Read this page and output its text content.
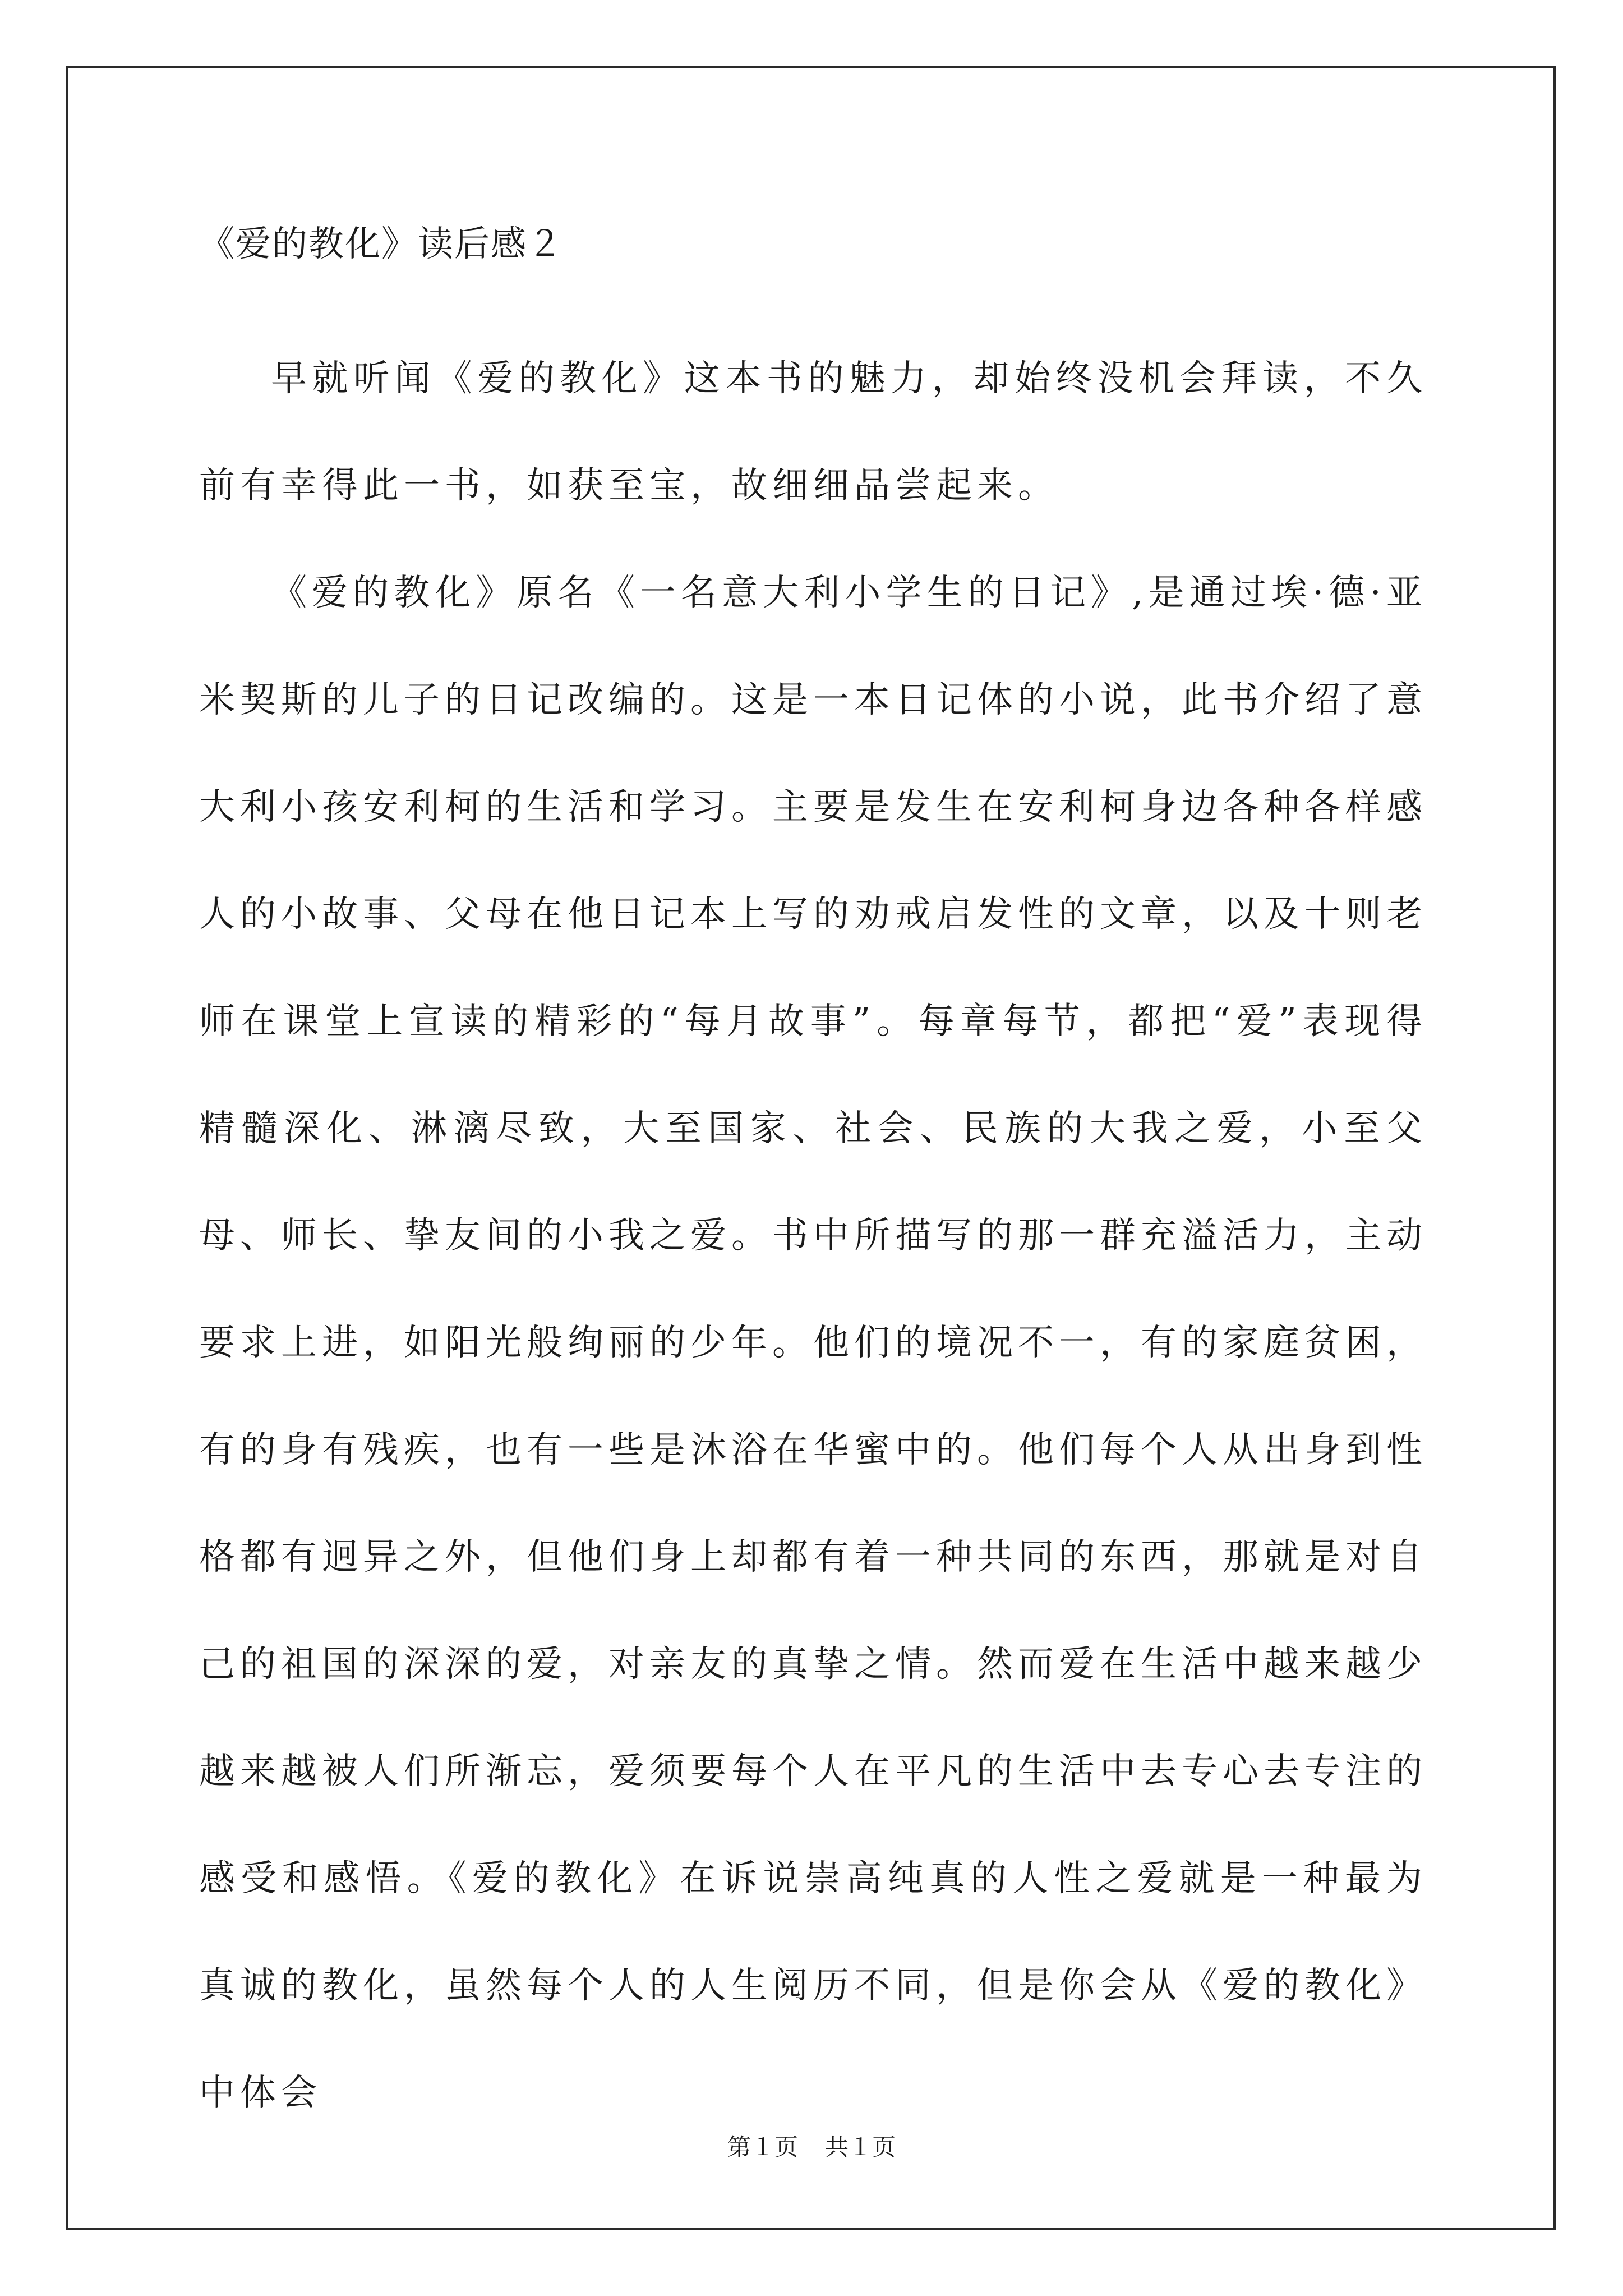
《爱的教化》读后感２

早就听闻《爱的教化》这本书的魅力，却始终没机会拜读，不久前有幸得此一书，如获至宝，故细细品尝起来。

《爱的教化》原名《一名意大利小学生的日记》,是通过埃·德·亚米契斯的儿子的日记改编的。这是一本日记体的小说，此书介绍了意大利小孩安利柯的生活和学习。主要是发生在安利柯身边各种各样感人的小故事、父母在他日记本上写的劝戒启发性的文章，以及十则老师在课堂上宣读的精彩的“每月故事”。每章每节，都把“爱”表现得精髓深化、淋漓尽致，大至国家、社会、民族的大我之爱，小至父母、师长、挚友间的小我之爱。书中所描写的那一群充溢活力，主动要求上进，如阳光般绚丽的少年。他们的境况不一，有的家庭贫困，有的身有残疾，也有一些是沐浴在华蜜中的。他们每个人从出身到性格都有迥异之外，但他们身上却都有着一种共同的东西，那就是对自己的祖国的深深的爱，对亲友的真挚之情。然而爱在生活中越来越少越来越被人们所渐忘，爱须要每个人在平凡的生活中去专心去专注的感受和感悟。《爱的教化》在诉说崇高纯真的人性之爱就是一种最为真诚的教化，虽然每个人的人生阅历不同，但是你会从《爱的教化》中体会

第１页 共１页
